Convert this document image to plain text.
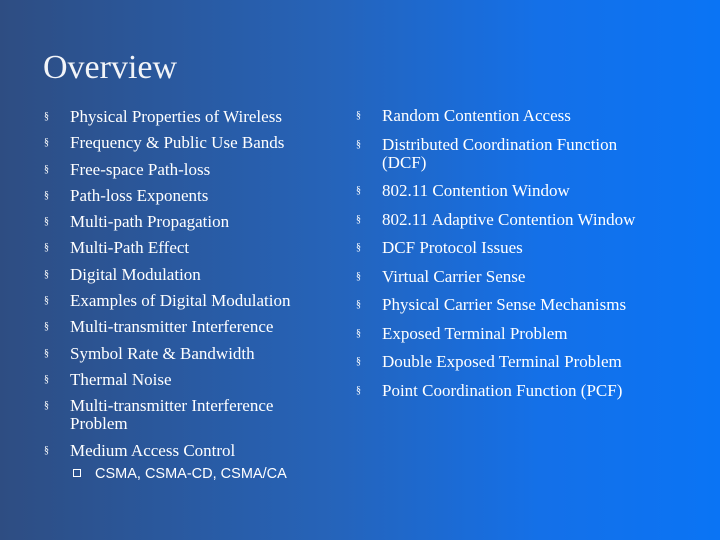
Overview
§ Physical Properties of Wireless
§ Frequency & Public Use Bands
§ Free-space Path-loss
§ Path-loss Exponents
§ Multi-path Propagation
§ Multi-Path Effect
§ Digital Modulation
§ Examples of Digital Modulation
§ Multi-transmitter Interference
§ Symbol Rate & Bandwidth
§ Thermal Noise
§ Multi-transmitter Interference
Problem
§ Medium Access Control
CSMA, CSMA-CD, CSMA/CA
§ Random Contention Access
§ Distributed Coordination Function
(DCF)
§ 802.11 Contention Window
§ 802.11 Adaptive Contention Window
§ DCF Protocol Issues
§ Virtual Carrier Sense
§ Physical Carrier Sense Mechanisms
§ Exposed Terminal Problem
§ Double Exposed Terminal Problem
§ Point Coordination Function (PCF)
